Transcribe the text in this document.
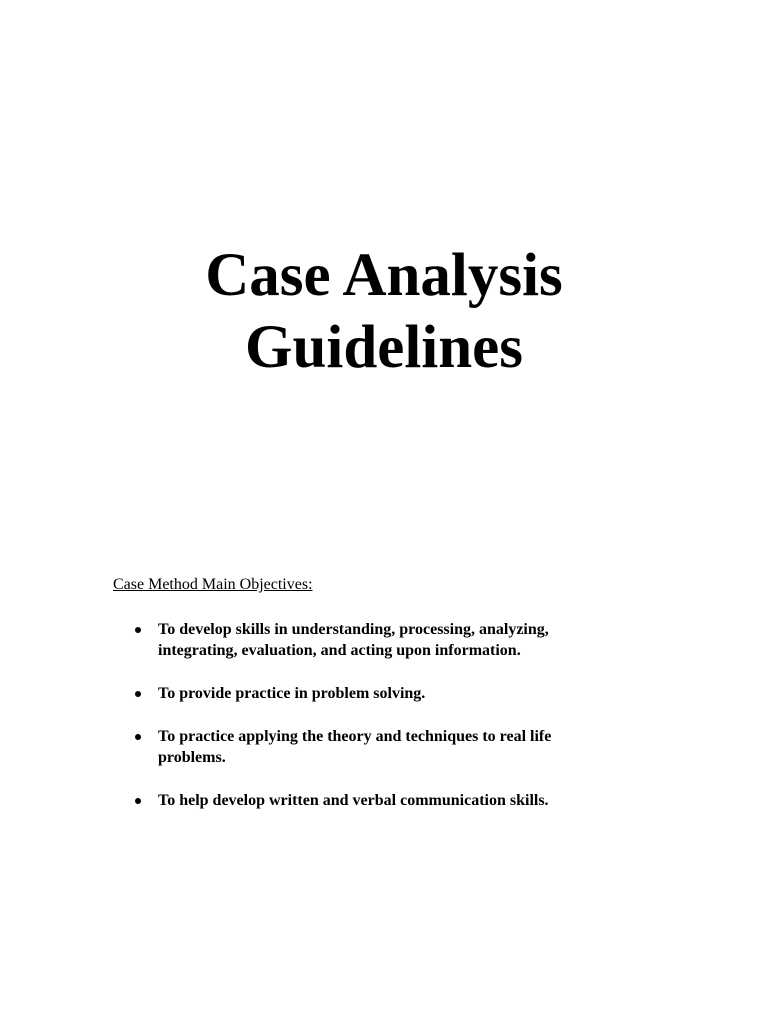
Case Analysis
Guidelines

Case Method Main Objectives:

To develop skills in understanding, processing, analyzing, integrating, evaluation, and acting upon information.
To provide practice in problem solving.
To practice applying the theory and techniques to real life problems.
To help develop written and verbal communication skills.
